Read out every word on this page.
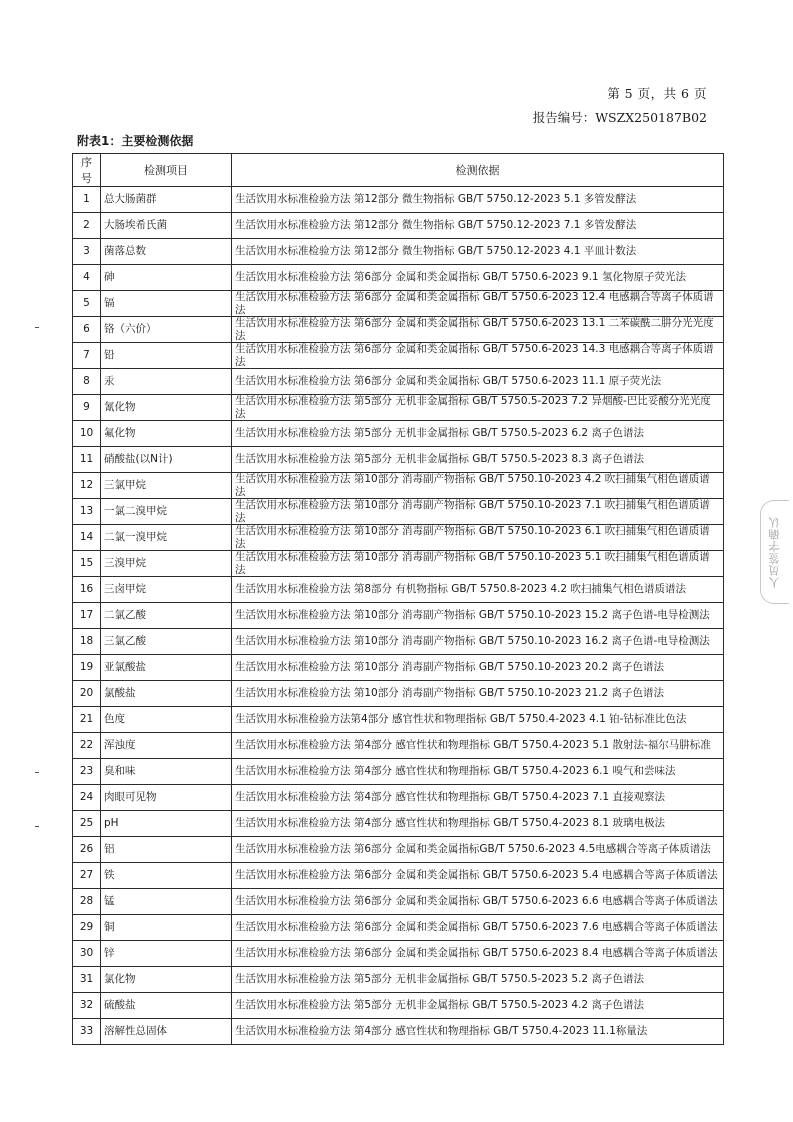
第 5 页，共 6 页
报告编号：WSZX250187B02
附表1：主要检测依据
序号	检测项目	检测依据
1	总大肠菌群	生活饮用水标准检验方法 第12部分 微生物指标 GB/T 5750.12-2023 5.1 多管发酵法
2	大肠埃希氏菌	生活饮用水标准检验方法 第12部分 微生物指标 GB/T 5750.12-2023 7.1 多管发酵法
3	菌落总数	生活饮用水标准检验方法 第12部分 微生物指标 GB/T 5750.12-2023 4.1 平皿计数法
4	砷	生活饮用水标准检验方法 第6部分 金属和类金属指标 GB/T 5750.6-2023 9.1 氢化物原子荧光法
5	镉	生活饮用水标准检验方法 第6部分 金属和类金属指标 GB/T 5750.6-2023 12.4 电感耦合等离子体质谱法
6	铬（六价）	生活饮用水标准检验方法 第6部分 金属和类金属指标 GB/T 5750.6-2023 13.1 二苯碳酰二肼分光光度法
7	铅	生活饮用水标准检验方法 第6部分 金属和类金属指标 GB/T 5750.6-2023 14.3 电感耦合等离子体质谱法
8	汞	生活饮用水标准检验方法 第6部分 金属和类金属指标 GB/T 5750.6-2023 11.1 原子荧光法
9	氰化物	生活饮用水标准检验方法 第5部分 无机非金属指标 GB/T 5750.5-2023 7.2 异烟酸-巴比妥酸分光光度法
10	氟化物	生活饮用水标准检验方法 第5部分 无机非金属指标 GB/T 5750.5-2023 6.2 离子色谱法
11	硝酸盐(以N计)	生活饮用水标准检验方法 第5部分 无机非金属指标 GB/T 5750.5-2023 8.3 离子色谱法
12	三氯甲烷	生活饮用水标准检验方法 第10部分 消毒副产物指标 GB/T 5750.10-2023 4.2 吹扫捕集气相色谱质谱法
13	一氯二溴甲烷	生活饮用水标准检验方法 第10部分 消毒副产物指标 GB/T 5750.10-2023 7.1 吹扫捕集气相色谱质谱法
14	二氯一溴甲烷	生活饮用水标准检验方法 第10部分 消毒副产物指标 GB/T 5750.10-2023 6.1 吹扫捕集气相色谱质谱法
15	三溴甲烷	生活饮用水标准检验方法 第10部分 消毒副产物指标 GB/T 5750.10-2023 5.1 吹扫捕集气相色谱质谱法
16	三卤甲烷	生活饮用水标准检验方法 第8部分 有机物指标 GB/T 5750.8-2023 4.2 吹扫捕集气相色谱质谱法
17	二氯乙酸	生活饮用水标准检验方法 第10部分 消毒副产物指标 GB/T 5750.10-2023 15.2 离子色谱-电导检测法
18	三氯乙酸	生活饮用水标准检验方法 第10部分 消毒副产物指标 GB/T 5750.10-2023 16.2 离子色谱-电导检测法
19	亚氯酸盐	生活饮用水标准检验方法 第10部分 消毒副产物指标 GB/T 5750.10-2023 20.2 离子色谱法
20	氯酸盐	生活饮用水标准检验方法 第10部分 消毒副产物指标 GB/T 5750.10-2023 21.2 离子色谱法
21	色度	生活饮用水标准检验方法第4部分 感官性状和物理指标 GB/T 5750.4-2023 4.1 铂-钴标准比色法
22	浑浊度	生活饮用水标准检验方法 第4部分 感官性状和物理指标 GB/T 5750.4-2023 5.1 散射法-福尔马肼标准
23	臭和味	生活饮用水标准检验方法 第4部分 感官性状和物理指标 GB/T 5750.4-2023 6.1 嗅气和尝味法
24	肉眼可见物	生活饮用水标准检验方法 第4部分 感官性状和物理指标 GB/T 5750.4-2023 7.1 直接观察法
25	pH	生活饮用水标准检验方法 第4部分 感官性状和物理指标 GB/T 5750.4-2023 8.1 玻璃电极法
26	铝	生活饮用水标准检验方法 第6部分 金属和类金属指标GB/T 5750.6-2023 4.5电感耦合等离子体质谱法
27	铁	生活饮用水标准检验方法 第6部分 金属和类金属指标 GB/T 5750.6-2023 5.4 电感耦合等离子体质谱法
28	锰	生活饮用水标准检验方法 第6部分 金属和类金属指标 GB/T 5750.6-2023 6.6 电感耦合等离子体质谱法
29	铜	生活饮用水标准检验方法 第6部分 金属和类金属指标 GB/T 5750.6-2023 7.6 电感耦合等离子体质谱法
30	锌	生活饮用水标准检验方法 第6部分 金属和类金属指标 GB/T 5750.6-2023 8.4 电感耦合等离子体质谱法
31	氯化物	生活饮用水标准检验方法 第5部分 无机非金属指标 GB/T 5750.5-2023 5.2 离子色谱法
32	硫酸盐	生活饮用水标准检验方法 第5部分 无机非金属指标 GB/T 5750.5-2023 4.2 离子色谱法
33	溶解性总固体	生活饮用水标准检验方法 第4部分 感官性状和物理指标 GB/T 5750.4-2023 11.1称量法
人员签字确认
